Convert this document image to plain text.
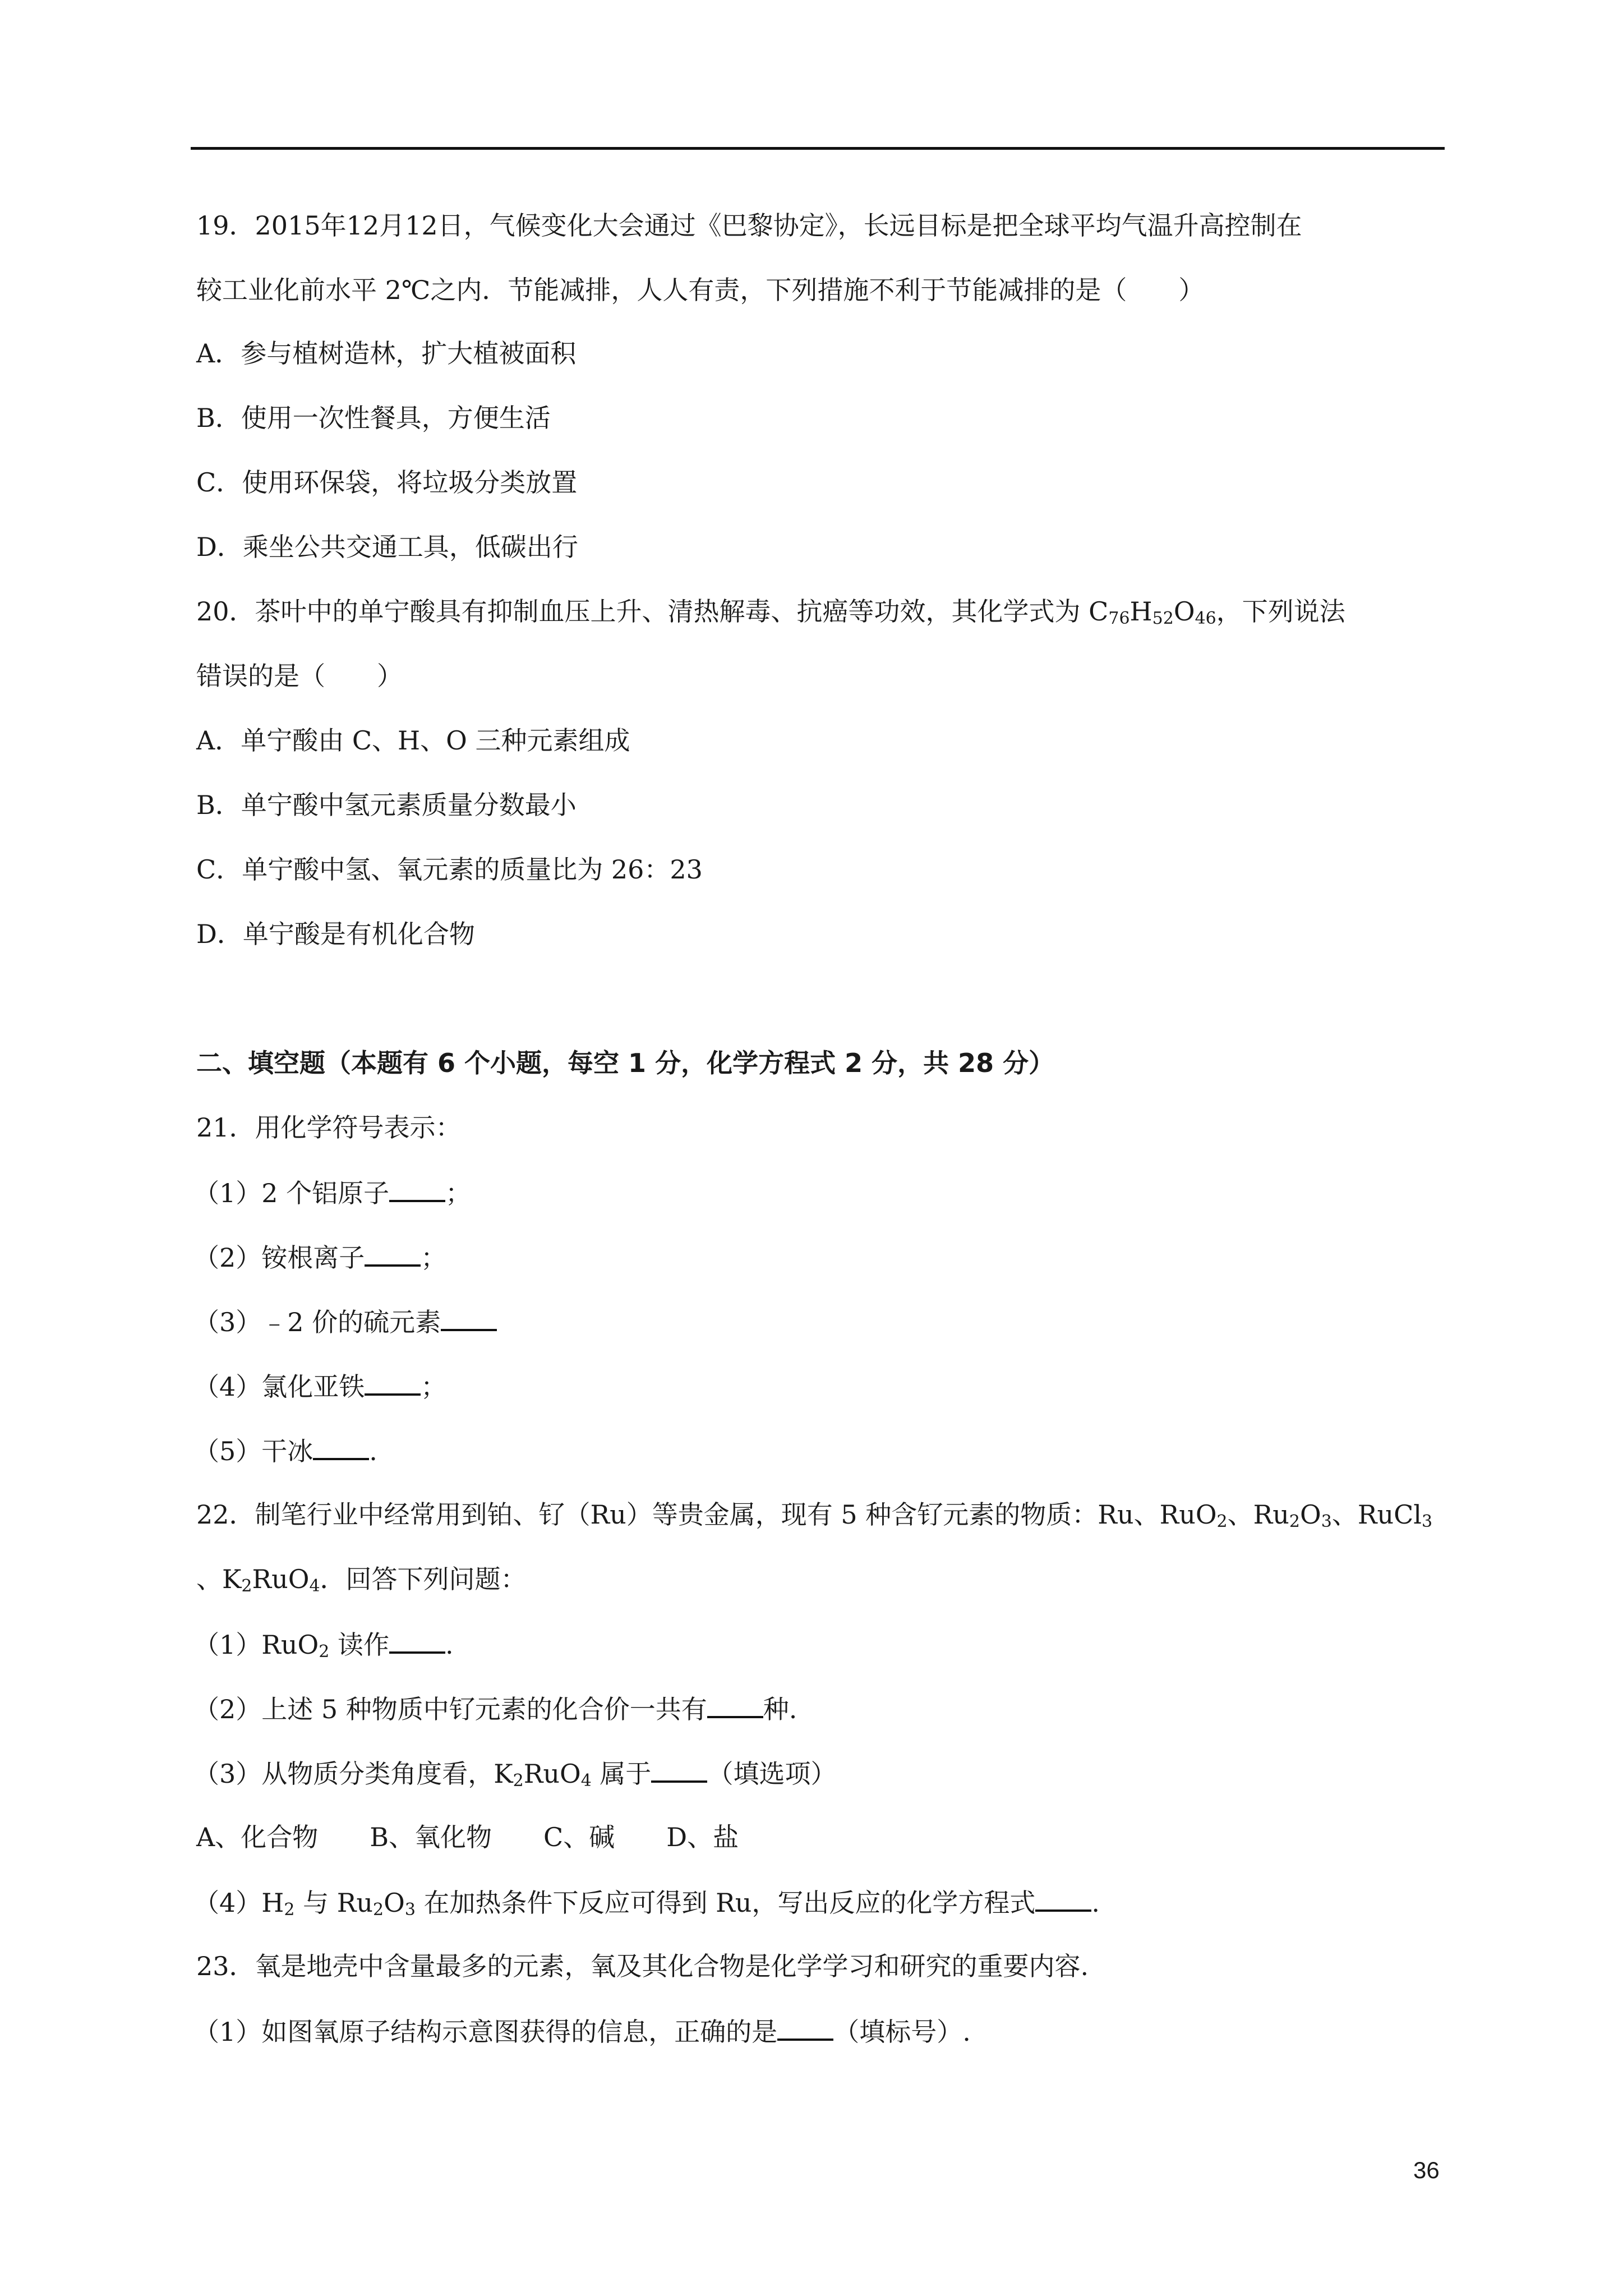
19．2015年12月12日，气候变化大会通过《巴黎协定》，长远目标是把全球平均气温升高控制在
较工业化前水平 2℃之内．节能减排，人人有责，下列措施不利于节能减排的是（　　）
A．参与植树造林，扩大植被面积
B．使用一次性餐具，方便生活
C．使用环保袋，将垃圾分类放置
D．乘坐公共交通工具，低碳出行
20．茶叶中的单宁酸具有抑制血压上升、清热解毒、抗癌等功效，其化学式为 $C_{76}H_{52}O_{46}$，下列说法
错误的是（　　）
A．单宁酸由 C、H、O 三种元素组成
B．单宁酸中氢元素质量分数最小
C．单宁酸中氢、氧元素的质量比为 26：23
D．单宁酸是有机化合物
二、填空题（本题有 6 个小题，每空 1 分，化学方程式 2 分，共 28 分）
21．用化学符号表示：
（1）2 个铝原子 ；
（2）铵根离子 ；
（3）﹣2 价的硫元素
（4）氯化亚铁 ；
（5）干冰 .
22．制笔行业中经常用到铂、钌（Ru）等贵金属，现有 5 种含钌元素的物质：Ru、RuO$_2$、$Ru_2O_3$、RuCl$_3$
、$K_2RuO_4$．回答下列问题：
（1）RuO$_2$ 读作 .
（2）上述 5 种物质中钌元素的化合价一共有 种.
（3）从物质分类角度看，$K_2RuO_4$ 属于 （填选项）
A、化合物　　B、氧化物　　C、碱　　D、盐
$(4)H_2$ 与 $Ru_2O_3$ 在加热条件下反应可得到 Ru，写出反应的化学方程式 .
23．氧是地壳中含量最多的元素，氧及其化合物是化学学习和研究的重要内容.
（1）如图氧原子结构示意图获得的信息，正确的是 （填标号）.
36
